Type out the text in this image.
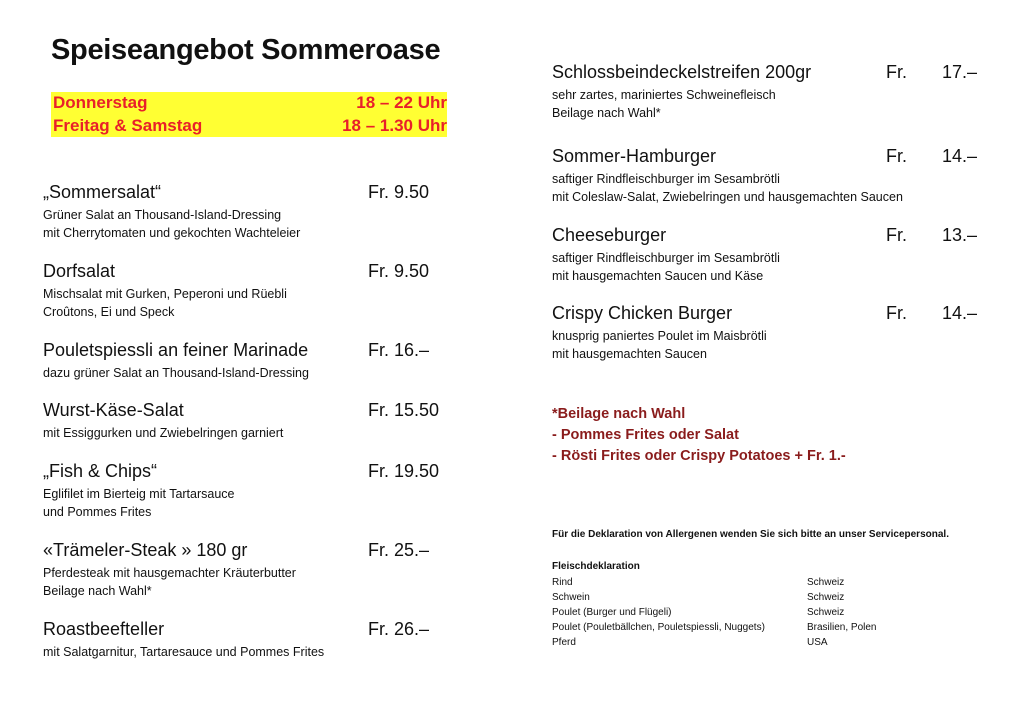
Speiseangebot Sommeroase
Donnerstag	18 – 22 Uhr
Freitag & Samstag	18 – 1.30 Uhr
„Sommersalat“	Fr. 9.50
Grüner Salat an Thousand-Island-Dressing
mit Cherrytomaten und gekochten Wachteleier
Dorfsalat	Fr. 9.50
Mischsalat mit Gurken, Peperoni und Rüebli
Croûtons, Ei und Speck
Pouletspiessli an feiner Marinade	Fr. 16.–
dazu grüner Salat an Thousand-Island-Dressing
Wurst-Käse-Salat	Fr. 15.50
mit Essiggurken und Zwiebelringen garniert
„Fish & Chips“	Fr. 19.50
Eglifilet im Bierteig mit Tartarsauce
und Pommes Frites
«Trämeler-Steak » 180 gr	Fr. 25.–
Pferdesteak mit hausgemachter Kräuterbutter
Beilage nach Wahl*
Roastbeefteller	Fr. 26.–
mit Salatgarnitur, Tartaresauce und Pommes Frites
Schlossbeindeckelstreifen 200gr	Fr. 17.–
sehr zartes, mariniertes Schweinefleisch
Beilage nach Wahl*
Sommer-Hamburger	Fr. 14.–
saftiger Rindfleischburger im Sesambrötli
mit Coleslaw-Salat, Zwiebelringen und hausgemachten Saucen
Cheeseburger	Fr. 13.–
saftiger Rindfleischburger im Sesambrötli
mit hausgemachten Saucen und Käse
Crispy Chicken Burger	Fr. 14.–
knusprig paniertes Poulet im Maisbrötli
mit hausgemachten Saucen
*Beilage nach Wahl
- Pommes Frites oder Salat
- Rösti Frites oder Crispy Potatoes + Fr. 1.-
Für die Deklaration von Allergenen wenden Sie sich bitte an unser Servicepersonal.
Fleischdeklaration
Rind	Schweiz
Schwein	Schweiz
Poulet (Burger und Flügeli)	Schweiz
Poulet (Pouletbällchen, Pouletspiessli, Nuggets)	Brasilien, Polen
Pferd	USA
